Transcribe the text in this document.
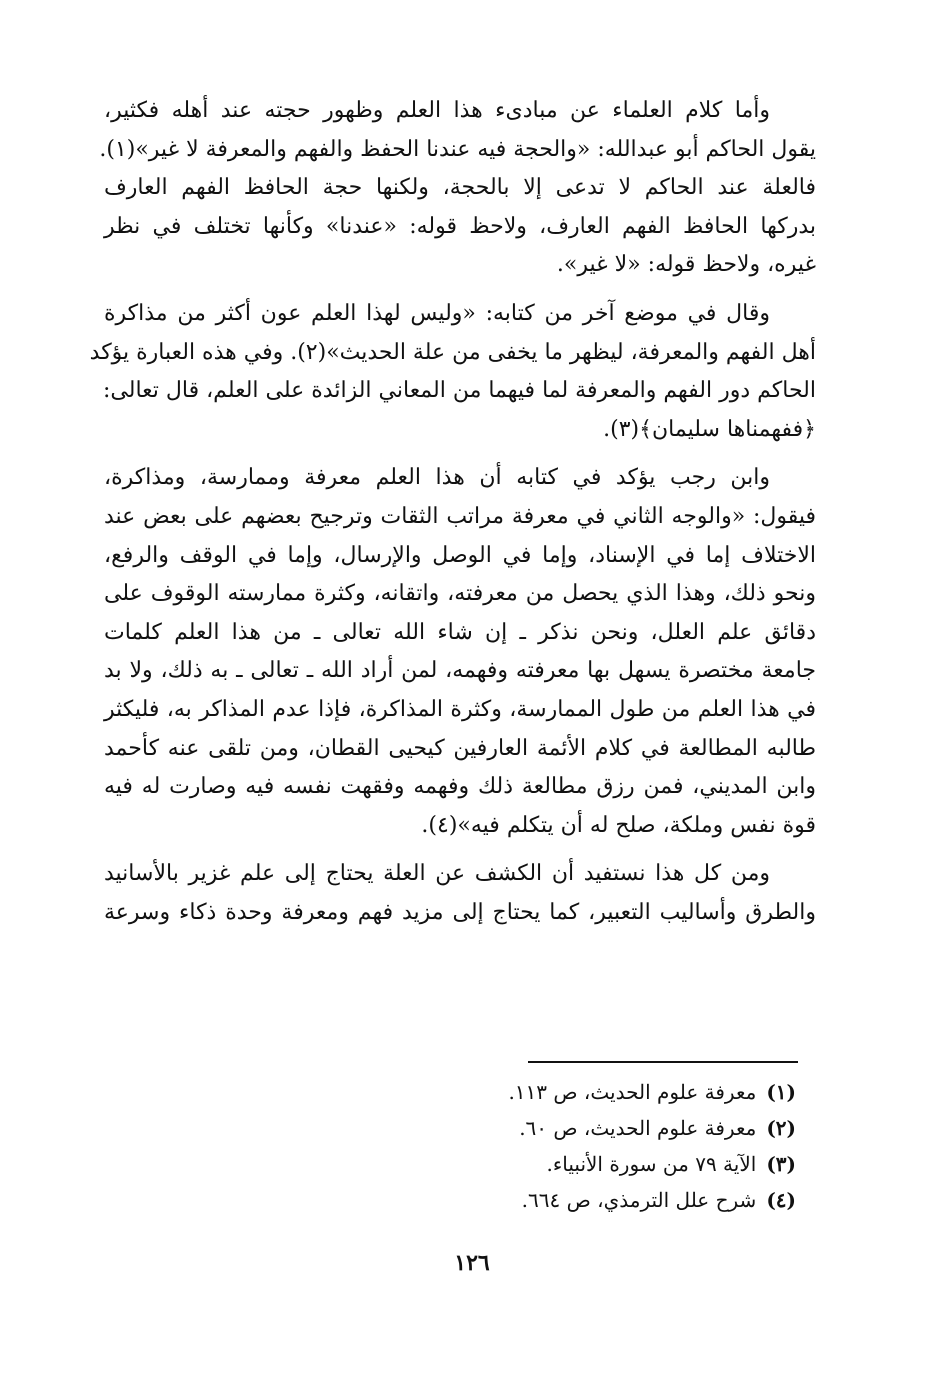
وأما كلام العلماء عن مبادىء هذا العلم وظهور حجته عند أهله فكثير،
يقول الحاكم أبو عبدالله: «والحجة فيه عندنا الحفظ والفهم والمعرفة لا غير»(١).
فالعلة عند الحاكم لا تدعى إلا بالحجة، ولكنها حجة الحافظ الفهم العارف
بدركها الحافظ الفهم العارف، ولاحظ قوله: «عندنا» وكأنها تختلف في نظر
غيره، ولاحظ قوله: «لا غير».

وقال في موضع آخر من كتابه: «وليس لهذا العلم عون أكثر من مذاكرة
أهل الفهم والمعرفة، ليظهر ما يخفى من علة الحديث»(٢). وفي هذه العبارة يؤكد
الحاكم دور الفهم والمعرفة لما فيهما من المعاني الزائدة على العلم، قال تعالى:
﴿ففهمناها سليمان﴾(٣).

وابن رجب يؤكد في كتابه أن هذا العلم معرفة وممارسة، ومذاكرة،
فيقول: «والوجه الثاني في معرفة مراتب الثقات وترجيح بعضهم على بعض عند
الاختلاف إما في الإسناد، وإما في الوصل والإرسال، وإما في الوقف والرفع،
ونحو ذلك، وهذا الذي يحصل من معرفته، واتقانه، وكثرة ممارسته الوقوف على
دقائق علم العلل، ونحن نذكر ـ إن شاء الله تعالى ـ من هذا العلم كلمات
جامعة مختصرة يسهل بها معرفته وفهمه، لمن أراد الله ـ تعالى ـ به ذلك، ولا بد
في هذا العلم من طول الممارسة، وكثرة المذاكرة، فإذا عدم المذاكر به، فليكثر
طالبه المطالعة في كلام الأئمة العارفين كيحيى القطان، ومن تلقى عنه كأحمد
وابن المديني، فمن رزق مطالعة ذلك وفهمه وفقهت نفسه فيه وصارت له فيه
قوة نفس وملكة، صلح له أن يتكلم فيه»(٤).

ومن كل هذا نستفيد أن الكشف عن العلة يحتاج إلى علم غزير بالأسانيد
والطرق وأساليب التعبير، كما يحتاج إلى مزيد فهم ومعرفة وحدة ذكاء وسرعة

(١)معرفة علوم الحديث، ص ١١٣.
(٢)معرفة علوم الحديث، ص ٦٠.
(٣)الآية ٧٩ من سورة الأنبياء.
(٤)شرح علل الترمذي، ص ٦٦٤.
١٢٦
